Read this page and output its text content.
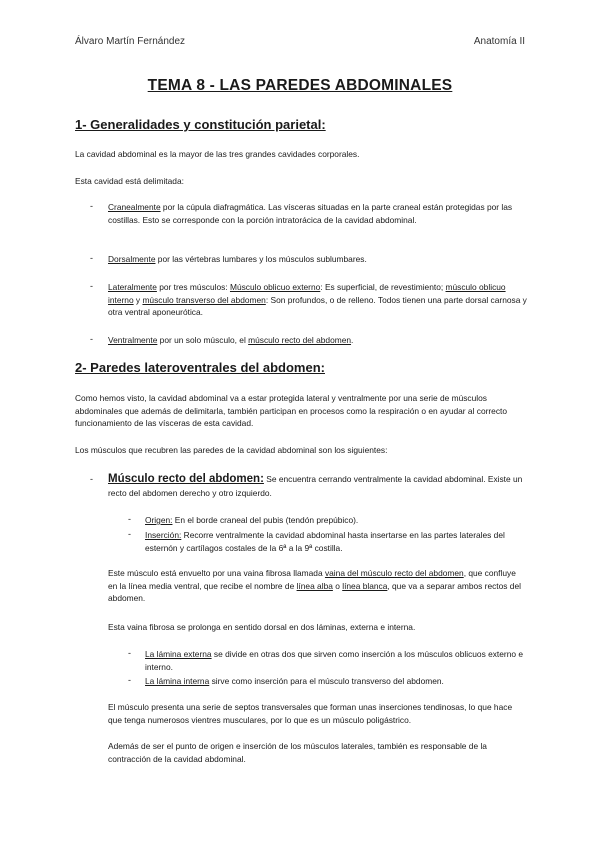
Álvaro Martín Fernández	Anatomía II
TEMA 8 - LAS PAREDES ABDOMINALES
1- Generalidades y constitución parietal:
La cavidad abdominal es la mayor de las tres grandes cavidades corporales.
Esta cavidad está delimitada:
- Cranealmente por la cúpula diafragmática. Las vísceras situadas en la parte craneal están protegidas por las costillas. Esto se corresponde con la porción intratorácica de la cavidad abdominal.
- Dorsalmente por las vértebras lumbares y los músculos sublumbares.
- Lateralmente por tres músculos: Músculo oblicuo externo: Es superficial, de revestimiento; músculo oblicuo interno y músculo transverso del abdomen: Son profundos, o de relleno. Todos tienen una parte dorsal carnosa y otra ventral aponeurótica.
- Ventralmente por un solo músculo, el músculo recto del abdomen.
2- Paredes lateroventrales del abdomen:
Como hemos visto, la cavidad abdominal va a estar protegida lateral y ventralmente por una serie de músculos abdominales que además de delimitarla, también participan en procesos como la respiración o en ayudar al correcto funcionamiento de las vísceras de esta cavidad.
Los músculos que recubren las paredes de la cavidad abdominal son los siguientes:
- Músculo recto del abdomen: Se encuentra cerrando ventralmente la cavidad abdominal. Existe un recto del abdomen derecho y otro izquierdo.
- Origen: En el borde craneal del pubis (tendón prepúbico).
- Inserción: Recorre ventralmente la cavidad abdominal hasta insertarse en las partes laterales del esternón y cartílagos costales de la 6ª a la 9ª costilla.
Este músculo está envuelto por una vaina fibrosa llamada vaina del músculo recto del abdomen, que confluye en la línea media ventral, que recibe el nombre de línea alba o línea blanca, que va a separar ambos rectos del abdomen.
Esta vaina fibrosa se prolonga en sentido dorsal en dos láminas, externa e interna.
- La lámina externa se divide en otras dos que sirven como inserción a los músculos oblicuos externo e interno.
- La lámina interna sirve como inserción para el músculo transverso del abdomen.
El músculo presenta una serie de septos transversales que forman unas inserciones tendinosas, lo que hace que tenga numerosos vientres musculares, por lo que es un músculo poligástrico.
Además de ser el punto de origen e inserción de los músculos laterales, también es responsable de la contracción de la cavidad abdominal.
